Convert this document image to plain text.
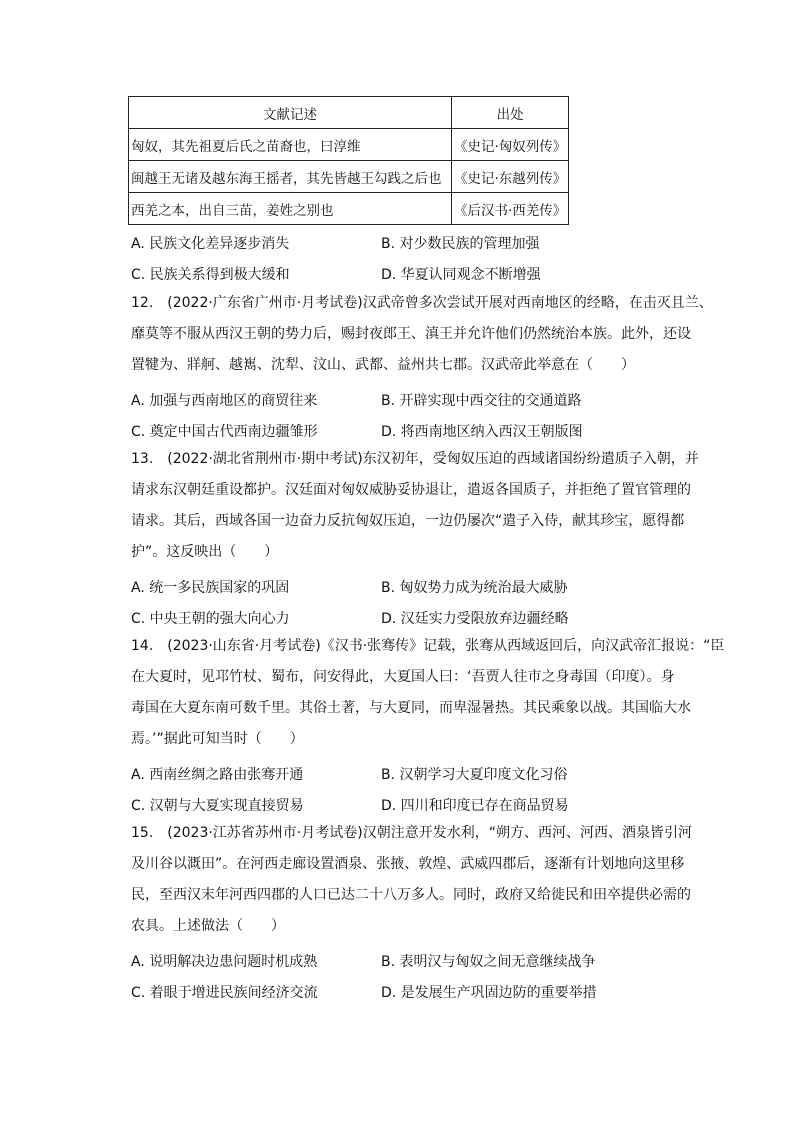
文献记述	出处
匈奴，其先祖夏后氏之苗裔也，曰淳维	《史记·匈奴列传》
闽越王无诸及越东海王摇者，其先皆越王勾践之后也	《史记·东越列传》
西羌之本，出自三苗，姜姓之别也	《后汉书·西羌传》
A. 民族文化差异逐步消失	B. 对少数民族的管理加强
C. 民族关系得到极大缓和	D. 华夏认同观念不断增强

12.　(2022·广东省广州市·月考试卷)汉武帝曾多次尝试开展对西南地区的经略，在击灭且兰、

靡莫等不服从西汉王朝的势力后，赐封夜郎王、滇王并允许他们仍然统治本族。此外，还设

置犍为、牂舸、越嶲、沈犁、汶山、武都、益州共七郡。汉武帝此举意在（　　）

A. 加强与西南地区的商贸往来	B. 开辟实现中西交往的交通道路
C. 奠定中国古代西南边疆雏形	D. 将西南地区纳入西汉王朝版图

13.　(2022·湖北省荆州市·期中考试)东汉初年，受匈奴压迫的西域诸国纷纷遣质子入朝，并

请求东汉朝廷重设都护。汉廷面对匈奴威胁妥协退让，遣返各国质子，并拒绝了置官管理的

请求。其后，西域各国一边奋力反抗匈奴压迫，一边仍屡次“遣子入侍，献其珍宝，愿得都

护”。这反映出（　　）

A. 统一多民族国家的巩固	B. 匈奴势力成为统治最大威胁
C. 中央王朝的强大向心力	D. 汉廷实力受限放弃边疆经略

14.　(2023·山东省·月考试卷)《汉书·张骞传》记载，张骞从西域返回后，向汉武帝汇报说：“臣

在大夏时，见邛竹杖、蜀布，问安得此，大夏国人曰：‘吾贾人往市之身毒国（印度）。身

毒国在大夏东南可数千里。其俗土著，与大夏同，而卑湿暑热。其民乘象以战。其国临大水

焉。’”据此可知当时（　　）

A. 西南丝绸之路由张骞开通	B. 汉朝学习大夏印度文化习俗
C. 汉朝与大夏实现直接贸易	D. 四川和印度已存在商品贸易

15.　(2023·江苏省苏州市·月考试卷)汉朝注意开发水利，“朔方、西河、河西、酒泉皆引河

及川谷以溉田”。在河西走廊设置酒泉、张掖、敦煌、武威四郡后，逐渐有计划地向这里移

民，至西汉末年河西四郡的人口已达二十八万多人。同时，政府又给徙民和田卒提供必需的

农具。上述做法（　　）

A. 说明解决边患问题时机成熟	B. 表明汉与匈奴之间无意继续战争
C. 着眼于增进民族间经济交流	D. 是发展生产巩固边防的重要举措
